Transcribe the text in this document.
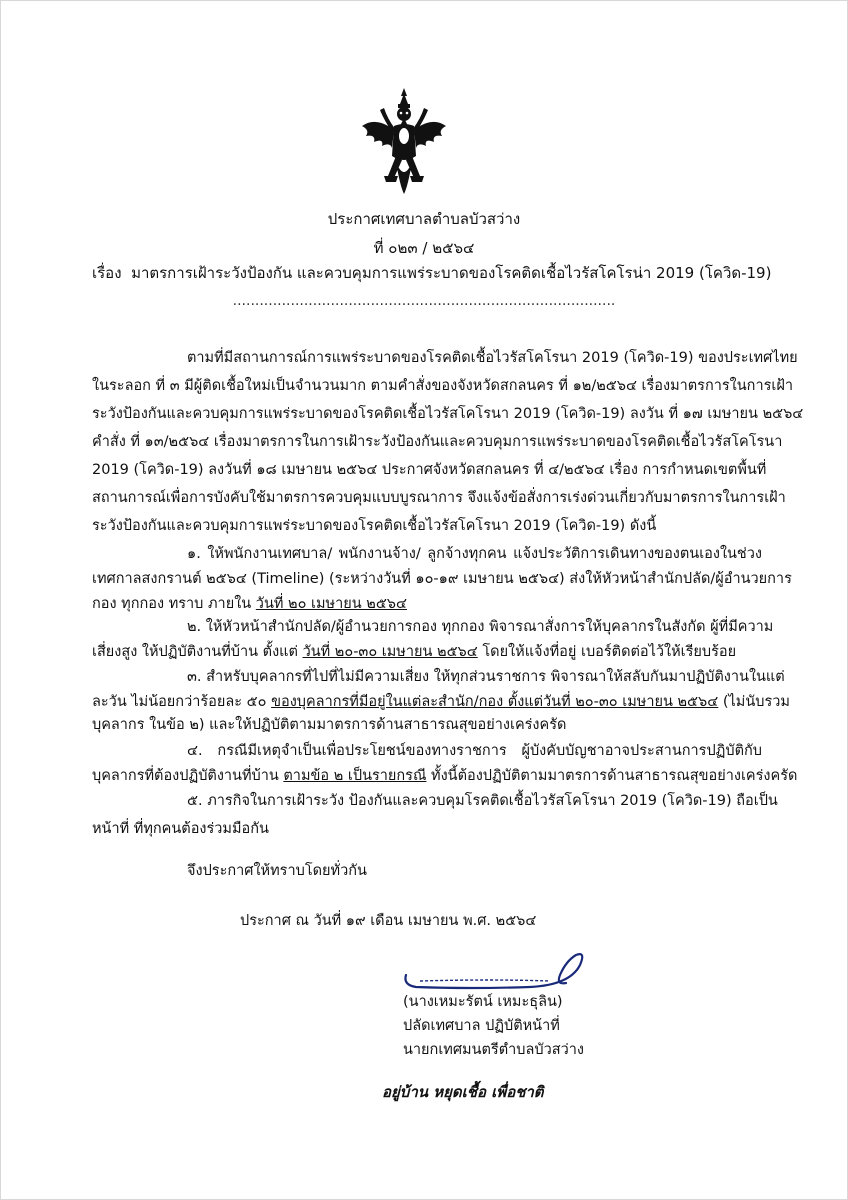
ประกาศเทศบาลตำบลบัวสว่าง
ที่ ๐๒๓ / ๒๕๖๔
เรื่อง มาตรการเฝ้าระวังป้องกัน และควบคุมการแพร่ระบาดของโรคติดเชื้อไวรัสโคโรน่า 2019 (โควิด-19)
......................................................................................
ตามที่มีสถานการณ์การแพร่ระบาดของโรคติดเชื้อไวรัสโคโรนา 2019 (โควิด-19) ของประเทศไทย
ในระลอก ที่ ๓ มีผู้ติดเชื้อใหม่เป็นจำนวนมาก ตามคำสั่งของจังหวัดสกลนคร ที่ ๑๒/๒๕๖๔ เรื่องมาตรการในการเฝ้า
ระวังป้องกันและควบคุมการแพร่ระบาดของโรคติดเชื้อไวรัสโคโรนา 2019 (โควิด-19) ลงวัน ที่ ๑๗ เมษายน ๒๕๖๔
คำสั่ง ที่ ๑๓/๒๕๖๔ เรื่องมาตรการในการเฝ้าระวังป้องกันและควบคุมการแพร่ระบาดของโรคติดเชื้อไวรัสโคโรนา
2019 (โควิด-19) ลงวันที่ ๑๘ เมษายน ๒๕๖๔ ประกาศจังหวัดสกลนคร ที่ ๔/๒๕๖๔ เรื่อง การกำหนดเขตพื้นที่
สถานการณ์เพื่อการบังคับใช้มาตรการควบคุมแบบบูรณาการ จึงแจ้งข้อสั่งการเร่งด่วนเกี่ยวกับมาตรการในการเฝ้า
ระวังป้องกันและควบคุมการแพร่ระบาดของโรคติดเชื้อไวรัสโคโรนา 2019 (โควิด-19) ดังนี้
๑. ให้พนักงานเทศบาล/ พนักงานจ้าง/ ลูกจ้างทุกคน แจ้งประวัติการเดินทางของตนเองในช่วง
เทศกาลสงกรานต์ ๒๕๖๔ (Timeline) (ระหว่างวันที่ ๑๐-๑๙ เมษายน ๒๕๖๔) ส่งให้หัวหน้าสำนักปลัด/ผู้อำนวยการ
กอง ทุกกอง ทราบ ภายใน วันที่ ๒๐ เมษายน ๒๕๖๔
๒. ให้หัวหน้าสำนักปลัด/ผู้อำนวยการกอง ทุกกอง พิจารณาสั่งการให้บุคลากรในสังกัด ผู้ที่มีความ
เสี่ยงสูง ให้ปฏิบัติงานที่บ้าน ตั้งแต่ วันที่ ๒๐-๓๐ เมษายน ๒๕๖๔ โดยให้แจ้งที่อยู่ เบอร์ติดต่อไว้ให้เรียบร้อย
๓. สำหรับบุคลากรที่ไปที่ไม่มีความเสี่ยง ให้ทุกส่วนราชการ พิจารณาให้สลับกันมาปฏิบัติงานในแต่
ละวัน ไม่น้อยกว่าร้อยละ ๕๐ ของบุคลากรที่มีอยู่ในแต่ละสำนัก/กอง ตั้งแต่วันที่ ๒๐-๓๐ เมษายน ๒๕๖๔ (ไม่นับรวม
บุคลากร ในข้อ ๒) และให้ปฏิบัติตามมาตรการด้านสาธารณสุขอย่างเคร่งครัด
๔. กรณีมีเหตุจำเป็นเพื่อประโยชน์ของทางราชการ ผู้บังคับบัญชาอาจประสานการปฏิบัติกับ
บุคลากรที่ต้องปฏิบัติงานที่บ้าน ตามข้อ ๒ เป็นรายกรณี ทั้งนี้ต้องปฏิบัติตามมาตรการด้านสาธารณสุขอย่างเคร่งครัด
๕. ภารกิจในการเฝ้าระวัง ป้องกันและควบคุมโรคติดเชื้อไวรัสโคโรนา 2019 (โควิด-19) ถือเป็น
หน้าที่ ที่ทุกคนต้องร่วมมือกัน
จึงประกาศให้ทราบโดยทั่วกัน
ประกาศ ณ วันที่ ๑๙ เดือน เมษายน พ.ศ. ๒๕๖๔
(นางเหมะรัตน์ เหมะธุลิน)
ปลัดเทศบาล ปฏิบัติหน้าที่
นายกเทศมนตรีตำบลบัวสว่าง
อยู่บ้าน หยุดเชื้อ เพื่อชาติ
